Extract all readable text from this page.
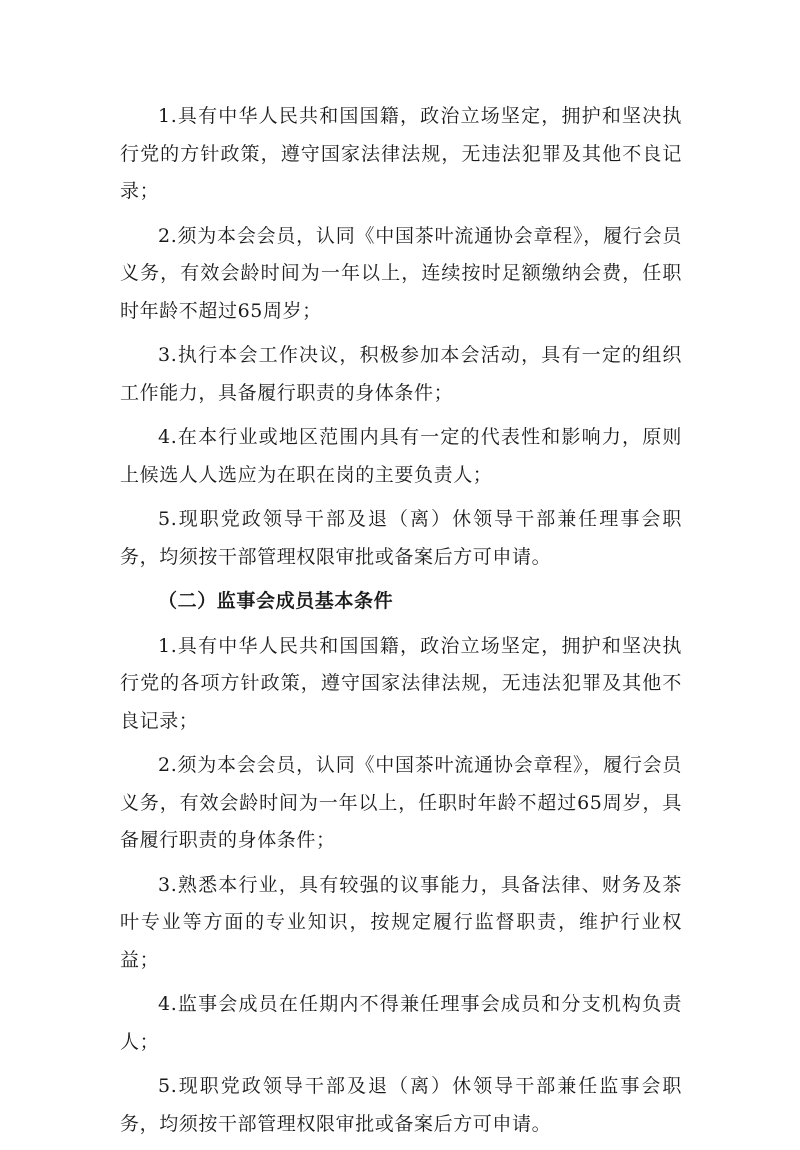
1.具有中华人民共和国国籍，政治立场坚定，拥护和坚决执行党的方针政策，遵守国家法律法规，无违法犯罪及其他不良记录；

2.须为本会会员，认同《中国茶叶流通协会章程》，履行会员义务，有效会龄时间为一年以上，连续按时足额缴纳会费，任职时年龄不超过65周岁；

3.执行本会工作决议，积极参加本会活动，具有一定的组织工作能力，具备履行职责的身体条件；

4.在本行业或地区范围内具有一定的代表性和影响力，原则上候选人人选应为在职在岗的主要负责人；

5.现职党政领导干部及退（离）休领导干部兼任理事会职务，均须按干部管理权限审批或备案后方可申请。

（二）监事会成员基本条件

1.具有中华人民共和国国籍，政治立场坚定，拥护和坚决执行党的各项方针政策，遵守国家法律法规，无违法犯罪及其他不良记录；

2.须为本会会员，认同《中国茶叶流通协会章程》，履行会员义务，有效会龄时间为一年以上，任职时年龄不超过65周岁，具备履行职责的身体条件；

3.熟悉本行业，具有较强的议事能力，具备法律、财务及茶叶专业等方面的专业知识，按规定履行监督职责，维护行业权益；

4.监事会成员在任期内不得兼任理事会成员和分支机构负责人；

5.现职党政领导干部及退（离）休领导干部兼任监事会职务，均须按干部管理权限审批或备案后方可申请。
